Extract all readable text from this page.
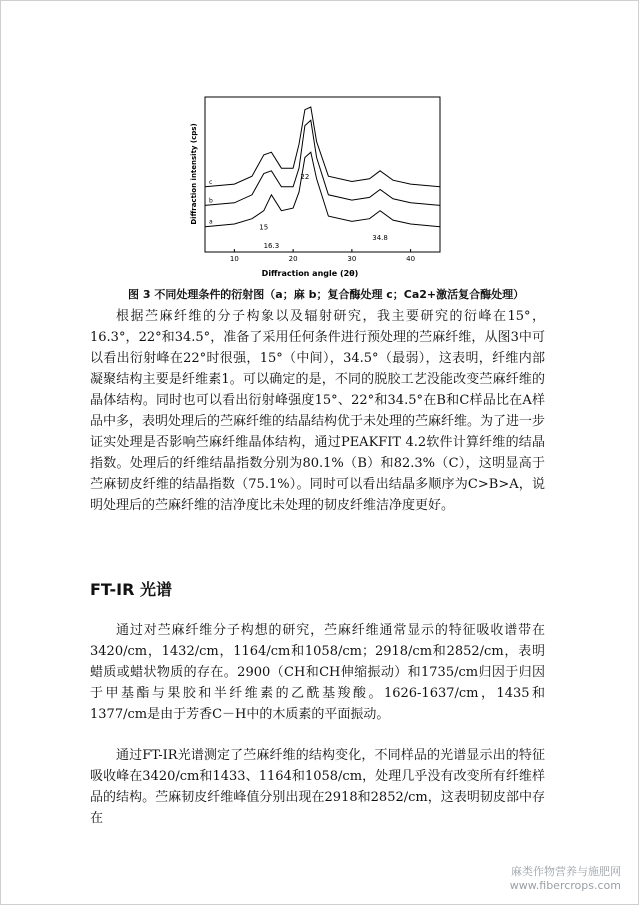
a
b
c
15
16.3
22
34.8
10	20	30	40
Diffraction intensity (cps)
Diffraction angle (2θ)
图 3 不同处理条件的衍射图（a；麻 b；复合酶处理 c；Ca2+激活复合酶处理）

根据苎麻纤维的分子构象以及辐射研究，我主要研究的衍峰在15°，16.3°，22°和34.5°，准备了采用任何条件进行预处理的苎麻纤维，从图3中可以看出衍射峰在22°时很强，15°（中间），34.5°（最弱），这表明，纤维内部凝聚结构主要是纤维素1。可以确定的是，不同的脱胶工艺没能改变苎麻纤维的晶体结构。同时也可以看出衍射峰强度15°、22°和34.5°在B和C样品比在A样品中多，表明处理后的苎麻纤维的结晶结构优于未处理的苎麻纤维。为了进一步证实处理是否影响苎麻纤维晶体结构，通过PEAKFIT 4.2软件计算纤维的结晶指数。处理后的纤维结晶指数分别为80.1%（B）和82.3%（C），这明显高于苎麻韧皮纤维的结晶指数（75.1%）。同时可以看出结晶多顺序为C>B>A，说明处理后的苎麻纤维的洁净度比未处理的韧皮纤维洁净度更好。

FT-IR 光谱

通过对苎麻纤维分子构想的研究，苎麻纤维通常显示的特征吸收谱带在3420/cm，1432/cm，1164/cm和1058/cm；2918/cm和2852/cm，表明蜡质或蜡状物质的存在。2900（CH和CH伸缩振动）和1735/cm归因于归因于甲基酯与果胶和半纤维素的乙酰基羧酸。1626-1637/cm，1435和1377/cm是由于芳香C－H中的木质素的平面振动。

通过FT-IR光谱测定了苎麻纤维的结构变化，不同样品的光谱显示出的特征吸收峰在3420/cm和1433、1164和1058/cm，处理几乎没有改变所有纤维样品的结构。苎麻韧皮纤维峰值分别出现在2918和2852/cm，这表明韧皮部中存在

麻类作物营养与施肥网
www.fibercrops.com
